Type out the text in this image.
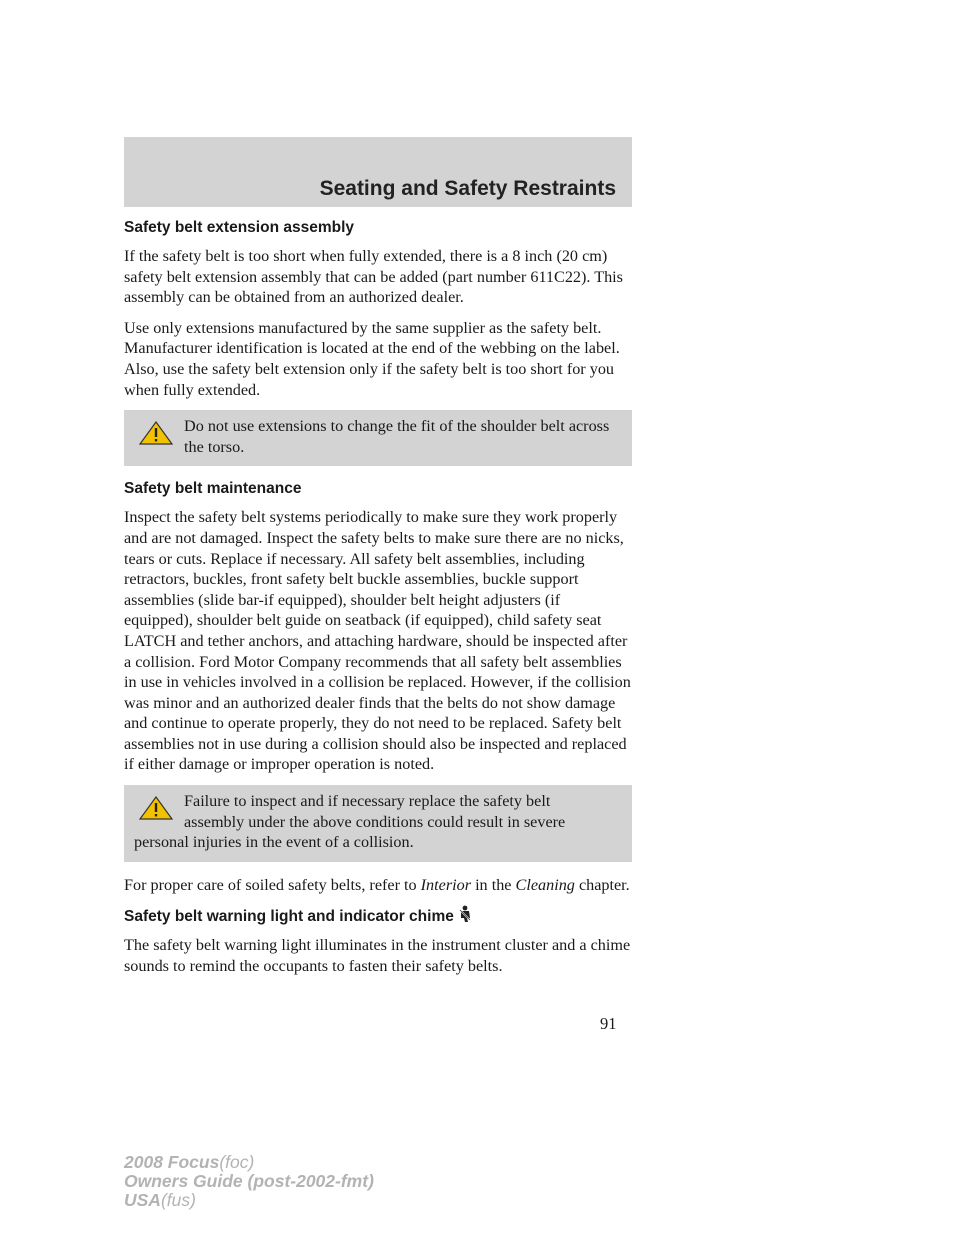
Seating and Safety Restraints
Safety belt extension assembly

If the safety belt is too short when fully extended, there is a 8 inch (20 cm) safety belt extension assembly that can be added (part number 611C22). This assembly can be obtained from an authorized dealer.

Use only extensions manufactured by the same supplier as the safety belt. Manufacturer identification is located at the end of the webbing on the label. Also, use the safety belt extension only if the safety belt is too short for you when fully extended.

Do not use extensions to change the fit of the shoulder belt across the torso.
Safety belt maintenance

Inspect the safety belt systems periodically to make sure they work properly and are not damaged. Inspect the safety belts to make sure there are no nicks, tears or cuts. Replace if necessary. All safety belt assemblies, including retractors, buckles, front safety belt buckle assemblies, buckle support assemblies (slide bar-if equipped), shoulder belt height adjusters (if equipped), shoulder belt guide on seatback (if equipped), child safety seat LATCH and tether anchors, and attaching hardware, should be inspected after a collision. Ford Motor Company recommends that all safety belt assemblies in use in vehicles involved in a collision be replaced. However, if the collision was minor and an authorized dealer finds that the belts do not show damage and continue to operate properly, they do not need to be replaced. Safety belt assemblies not in use during a collision should also be inspected and replaced if either damage or improper operation is noted.

Failure to inspect and if necessary replace the safety belt
assembly under the above conditions could result in severe
personal injuries in the event of a collision.

For proper care of soiled safety belts, refer to Interior in the Cleaning chapter.

Safety belt warning light and indicator chime

The safety belt warning light illuminates in the instrument cluster and a chime sounds to remind the occupants to fasten their safety belts.

91
2008 Focus(foc)
Owners Guide (post-2002-fmt)
USA(fus)
